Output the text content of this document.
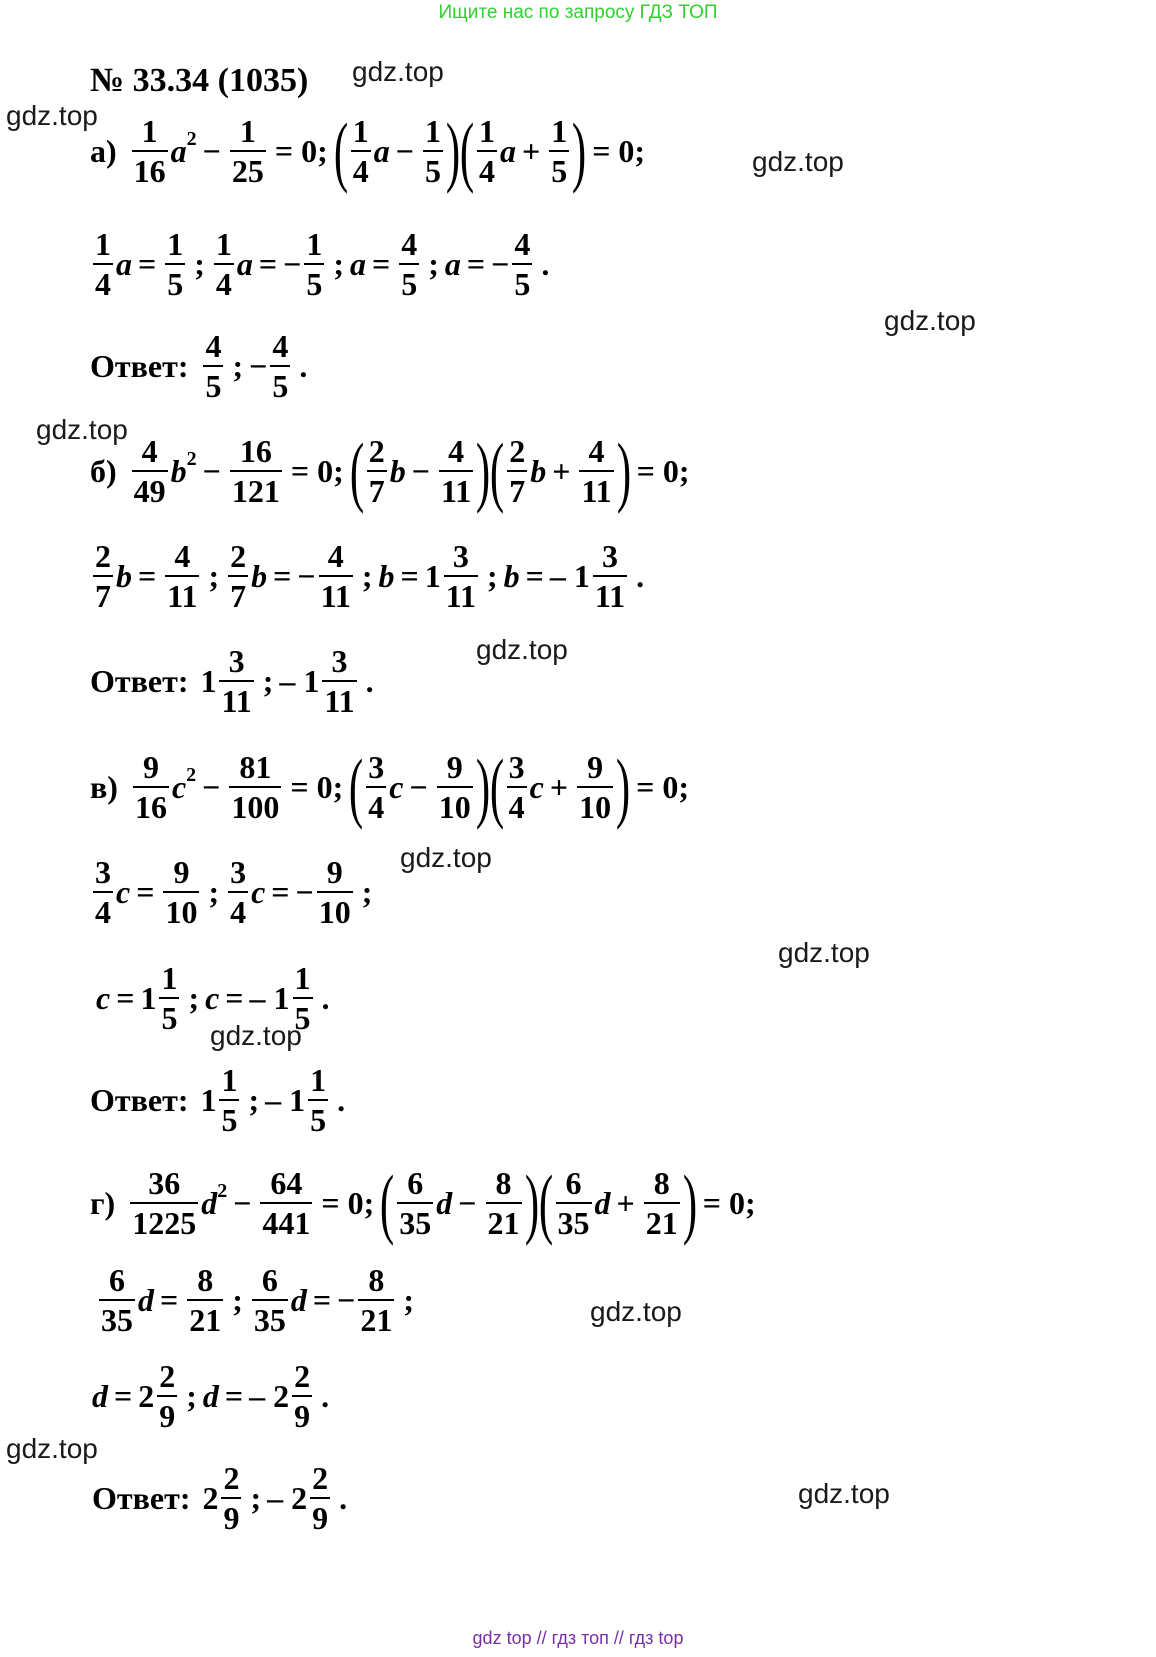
Ищите нас по запросу ГДЗ ТОП
№ 33.34 (1035) gdz.top
gdz.top
gdz.top
gdz.top
gdz.top
gdz.top
gdz.top
gdz.top
gdz.top
gdz.top
gdz.top
gdz.top
$а) \frac{1}{16} a^2 - \frac{1}{25} = 0$; ( $\frac{1}{4}$ $a - \frac{1}{5}$ ) ( $\frac{1}{4}$ $a + \frac{1}{5}$ ) = 0;
$\frac{1}{4}$ $a = \frac{1}{5}$ ; $\frac{1}{4}$ a = − $\frac{1}{5}$ ; $a = \frac{4}{5}$ ; a = − $\frac{4}{5}$ .
Ответ: $\frac{4}{5}$ ; − $\frac{4}{5}$ .
$б) \frac{4}{49} b^2 - \frac{16}{121} = 0$; ( $\frac{2}{7}$ $b - \frac{4}{11}$ ) ( $\frac{2}{7}$ $b + \frac{4}{11}$ ) = 0;
$\frac{2}{7}$ $b = \frac{4}{11}$ ; $\frac{2}{7}$ b = − $\frac{4}{11}$ ; $b = 1 \frac{3}{11}$ ; b = –
$1 \frac{3}{11}$ .
Ответ: $1 \frac{3}{11}$ ; –
$1 \frac{3}{11}$ .
$в) \frac{9}{16} c^2 - \frac{81}{100} = 0$; ( $\frac{3}{4}$ $c - \frac{9}{10}$ ) ( $\frac{3}{4}$ $c + \frac{9}{10}$ ) = 0;
$\frac{3}{4}$ $c = \frac{9}{10}$ ; $\frac{3}{4}$ c = − $\frac{9}{10}$ ;
$c = 1 \frac{1}{5}$ ; c = –
$1 \frac{1}{5}$ .
Ответ: $1 \frac{1}{5}$ ; –
$1 \frac{1}{5}$ .
$г) \frac{36}{1225} d^2 - \frac{64}{441} = 0$; ( $\frac{6}{35}$ $d - \frac{8}{21}$ ) ( $\frac{6}{35}$ $d + \frac{8}{21}$ ) = 0;
$\frac{6}{35}$ $d = \frac{8}{21}$ ; $\frac{6}{35}$ d = − $\frac{8}{21}$ ;
$d = 2 \frac{2}{9}$ ; d = –
$2 \frac{2}{9}$ .
Ответ: $2 \frac{2}{9}$ ; –
$2 \frac{2}{9}$ .
gdz top // гдз топ // гдз top
